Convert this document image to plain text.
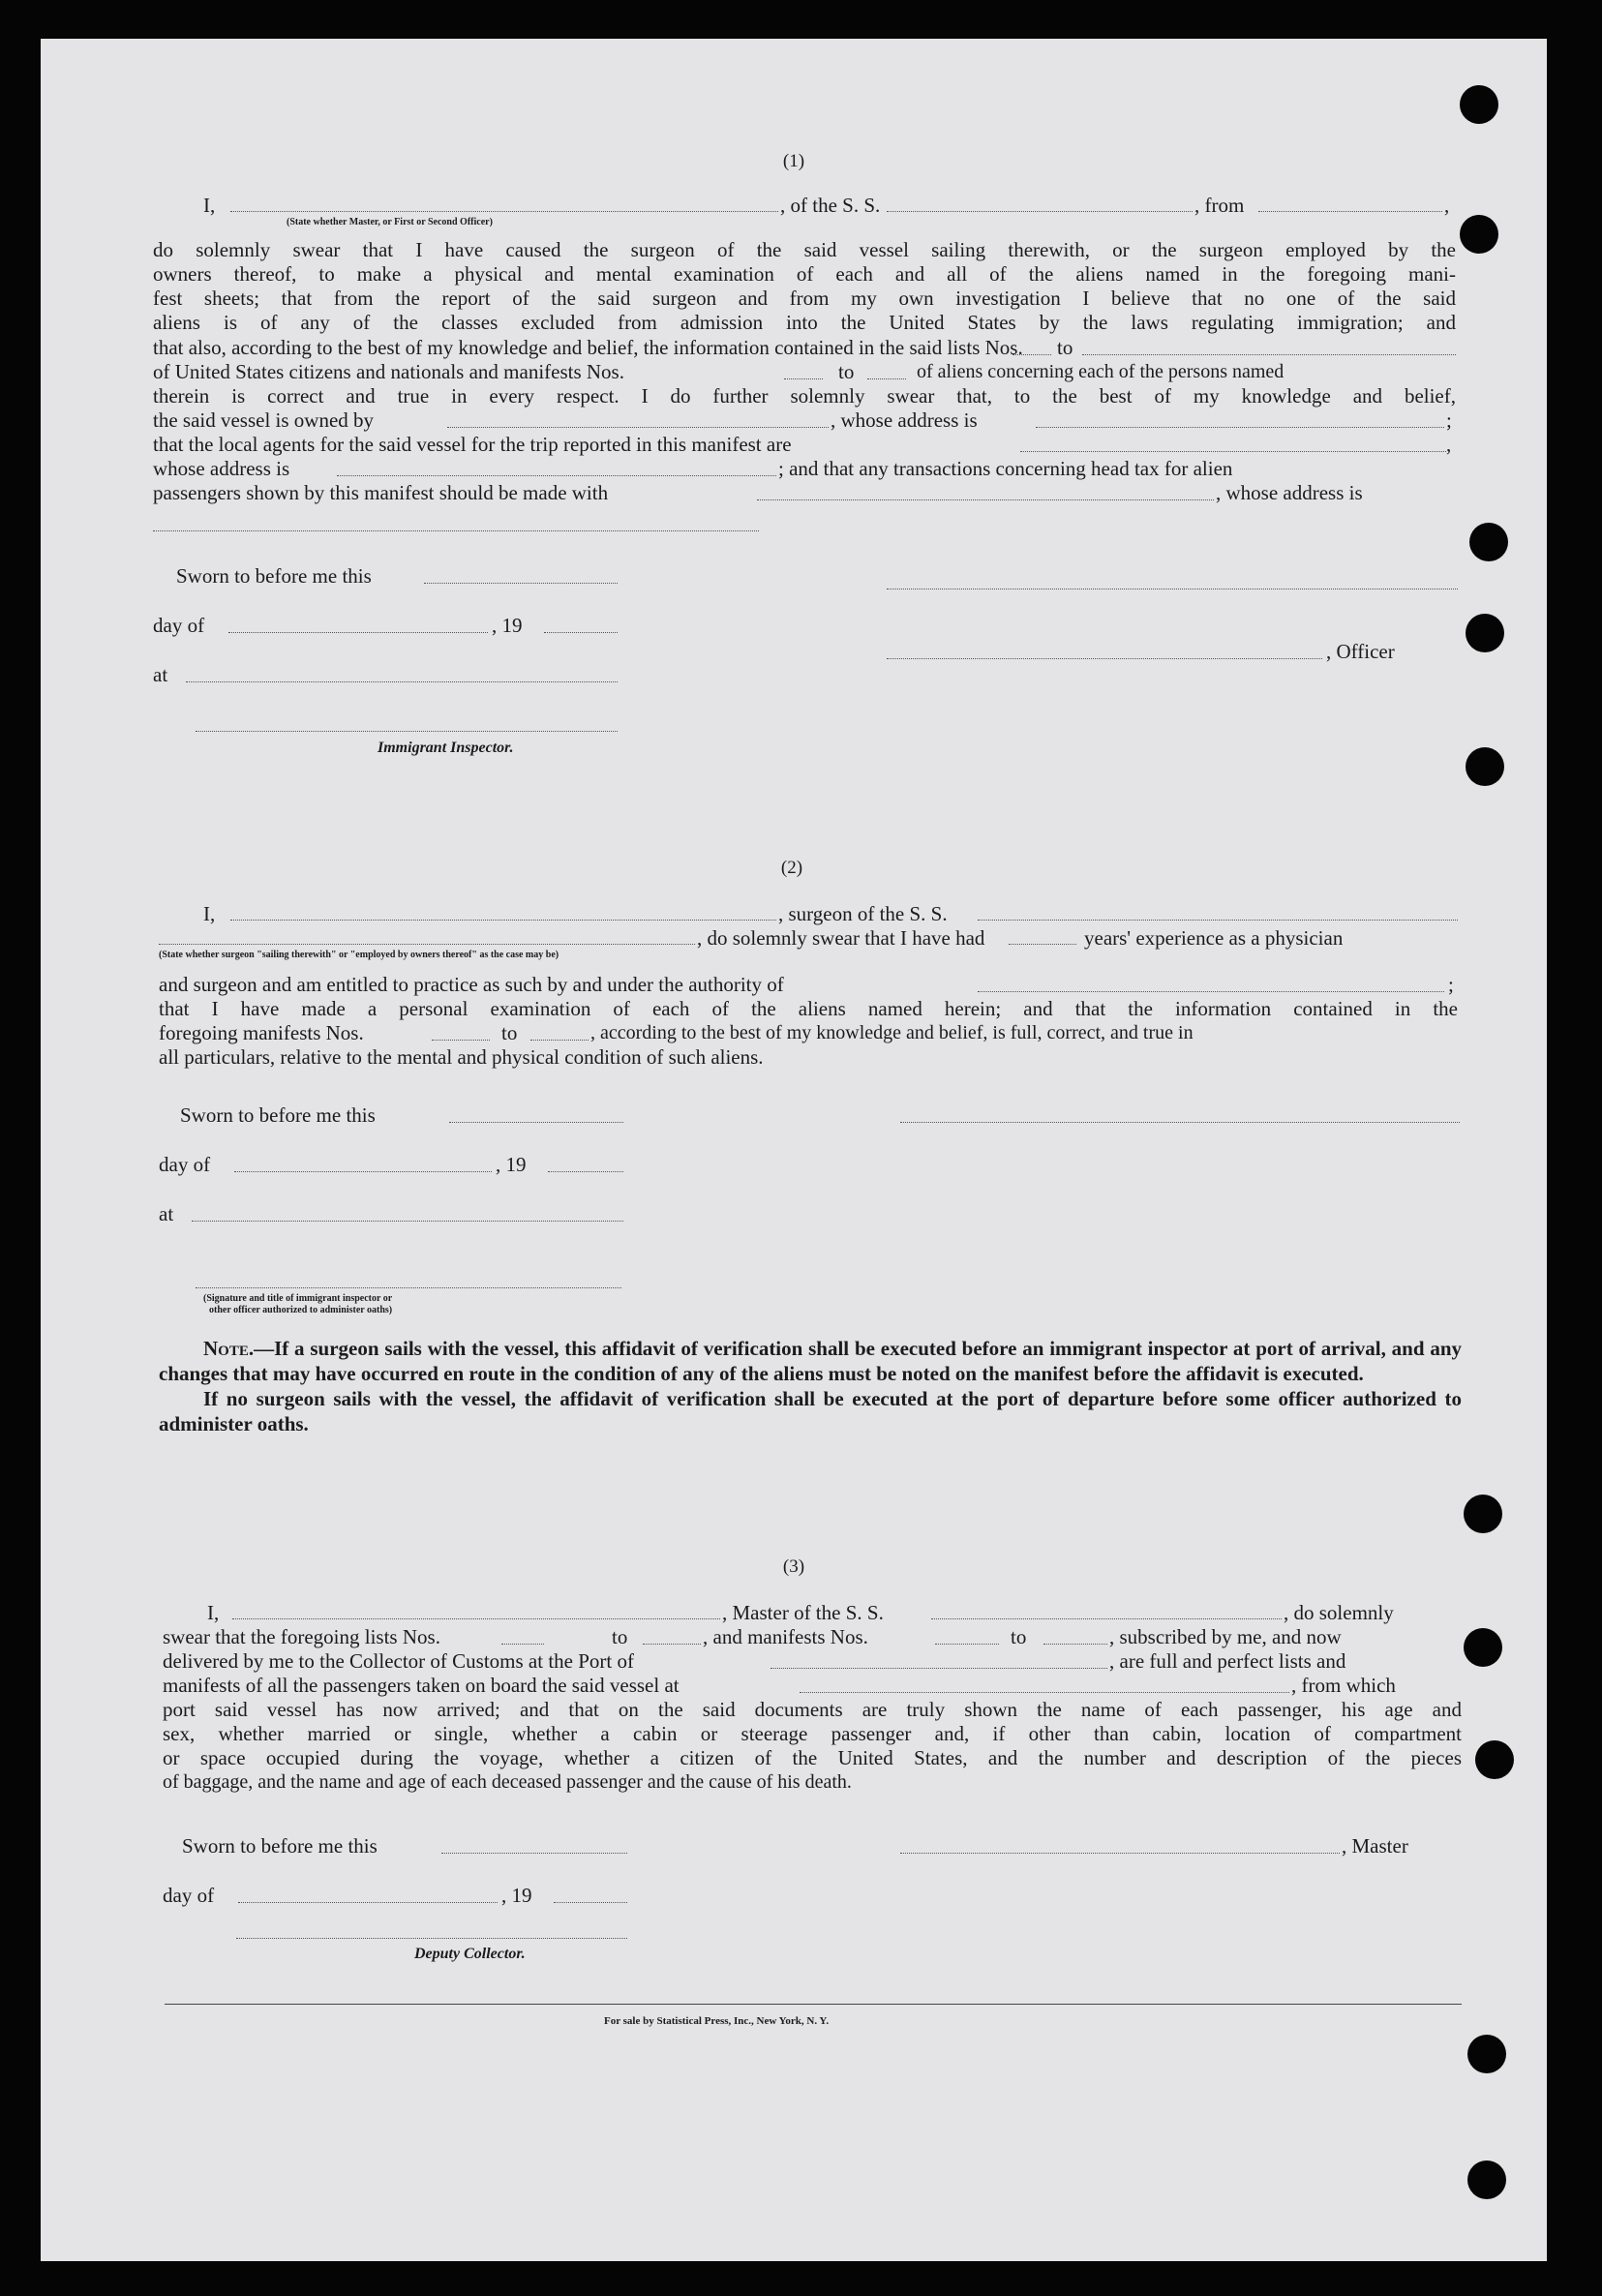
(1)
I,	, of the S. S.	, from	,
(State whether Master, or First or Second Officer)
do solemnly swear that I have caused the surgeon of the said vessel sailing therewith, or the surgeon employed by the
owners thereof, to make a physical and mental examination of each and all of the aliens named in the foregoing mani-
fest sheets; that from the report of the said surgeon and from my own investigation I believe that no one of the said
aliens is of any of the classes excluded from admission into the United States by the laws regulating immigration; and
that also, according to the best of my knowledge and belief, the information contained in the said lists Nos. to
of United States citizens and nationals and manifests Nos.	to	of aliens concerning each of the persons named
therein is correct and true in every respect. I do further solemnly swear that, to the best of my knowledge and belief,
the said vessel is owned by	, whose address is	;
that the local agents for the said vessel for the trip reported in this manifest are	,
whose address is	; and that any transactions concerning head tax for alien
passengers shown by this manifest should be made with	, whose address is
Sworn to before me this
day of	, 19
, Officer
at
Immigrant Inspector.
(2)
I,	, surgeon of the S. S.
, do solemnly swear that I have had	years' experience as a physician
(State whether surgeon "sailing therewith" or "employed by owners thereof" as the case may be)
and surgeon and am entitled to practice as such by and under the authority of	;
that I have made a personal examination of each of the aliens named herein; and that the information contained in the
foregoing manifests Nos.	to	, according to the best of my knowledge and belief, is full, correct, and true in
all particulars, relative to the mental and physical condition of such aliens.
Sworn to before me this
day of	, 19
at
(Signature and title of immigrant inspector or
other officer authorized to administer oaths)

Note.—If a surgeon sails with the vessel, this affidavit of verification shall be executed before an immigrant inspector at port of arrival, and any changes that may have occurred en route in the condition of any of the aliens must be noted on the manifest before the affidavit is executed.

If no surgeon sails with the vessel, the affidavit of verification shall be executed at the port of departure before some officer authorized to administer oaths.

(3)
I,	, Master of the S. S.	, do solemnly
swear that the foregoing lists Nos.	to	, and manifests Nos.	to	, subscribed by me, and now
delivered by me to the Collector of Customs at the Port of	, are full and perfect lists and
manifests of all the passengers taken on board the said vessel at	, from which
port said vessel has now arrived; and that on the said documents are truly shown the name of each passenger, his age and
sex, whether married or single, whether a cabin or steerage passenger and, if other than cabin, location of compartment
or space occupied during the voyage, whether a citizen of the United States, and the number and description of the pieces
of baggage, and the name and age of each deceased passenger and the cause of his death.
Sworn to before me this	, Master
day of	, 19
Deputy Collector.
For sale by Statistical Press, Inc., New York, N. Y.
